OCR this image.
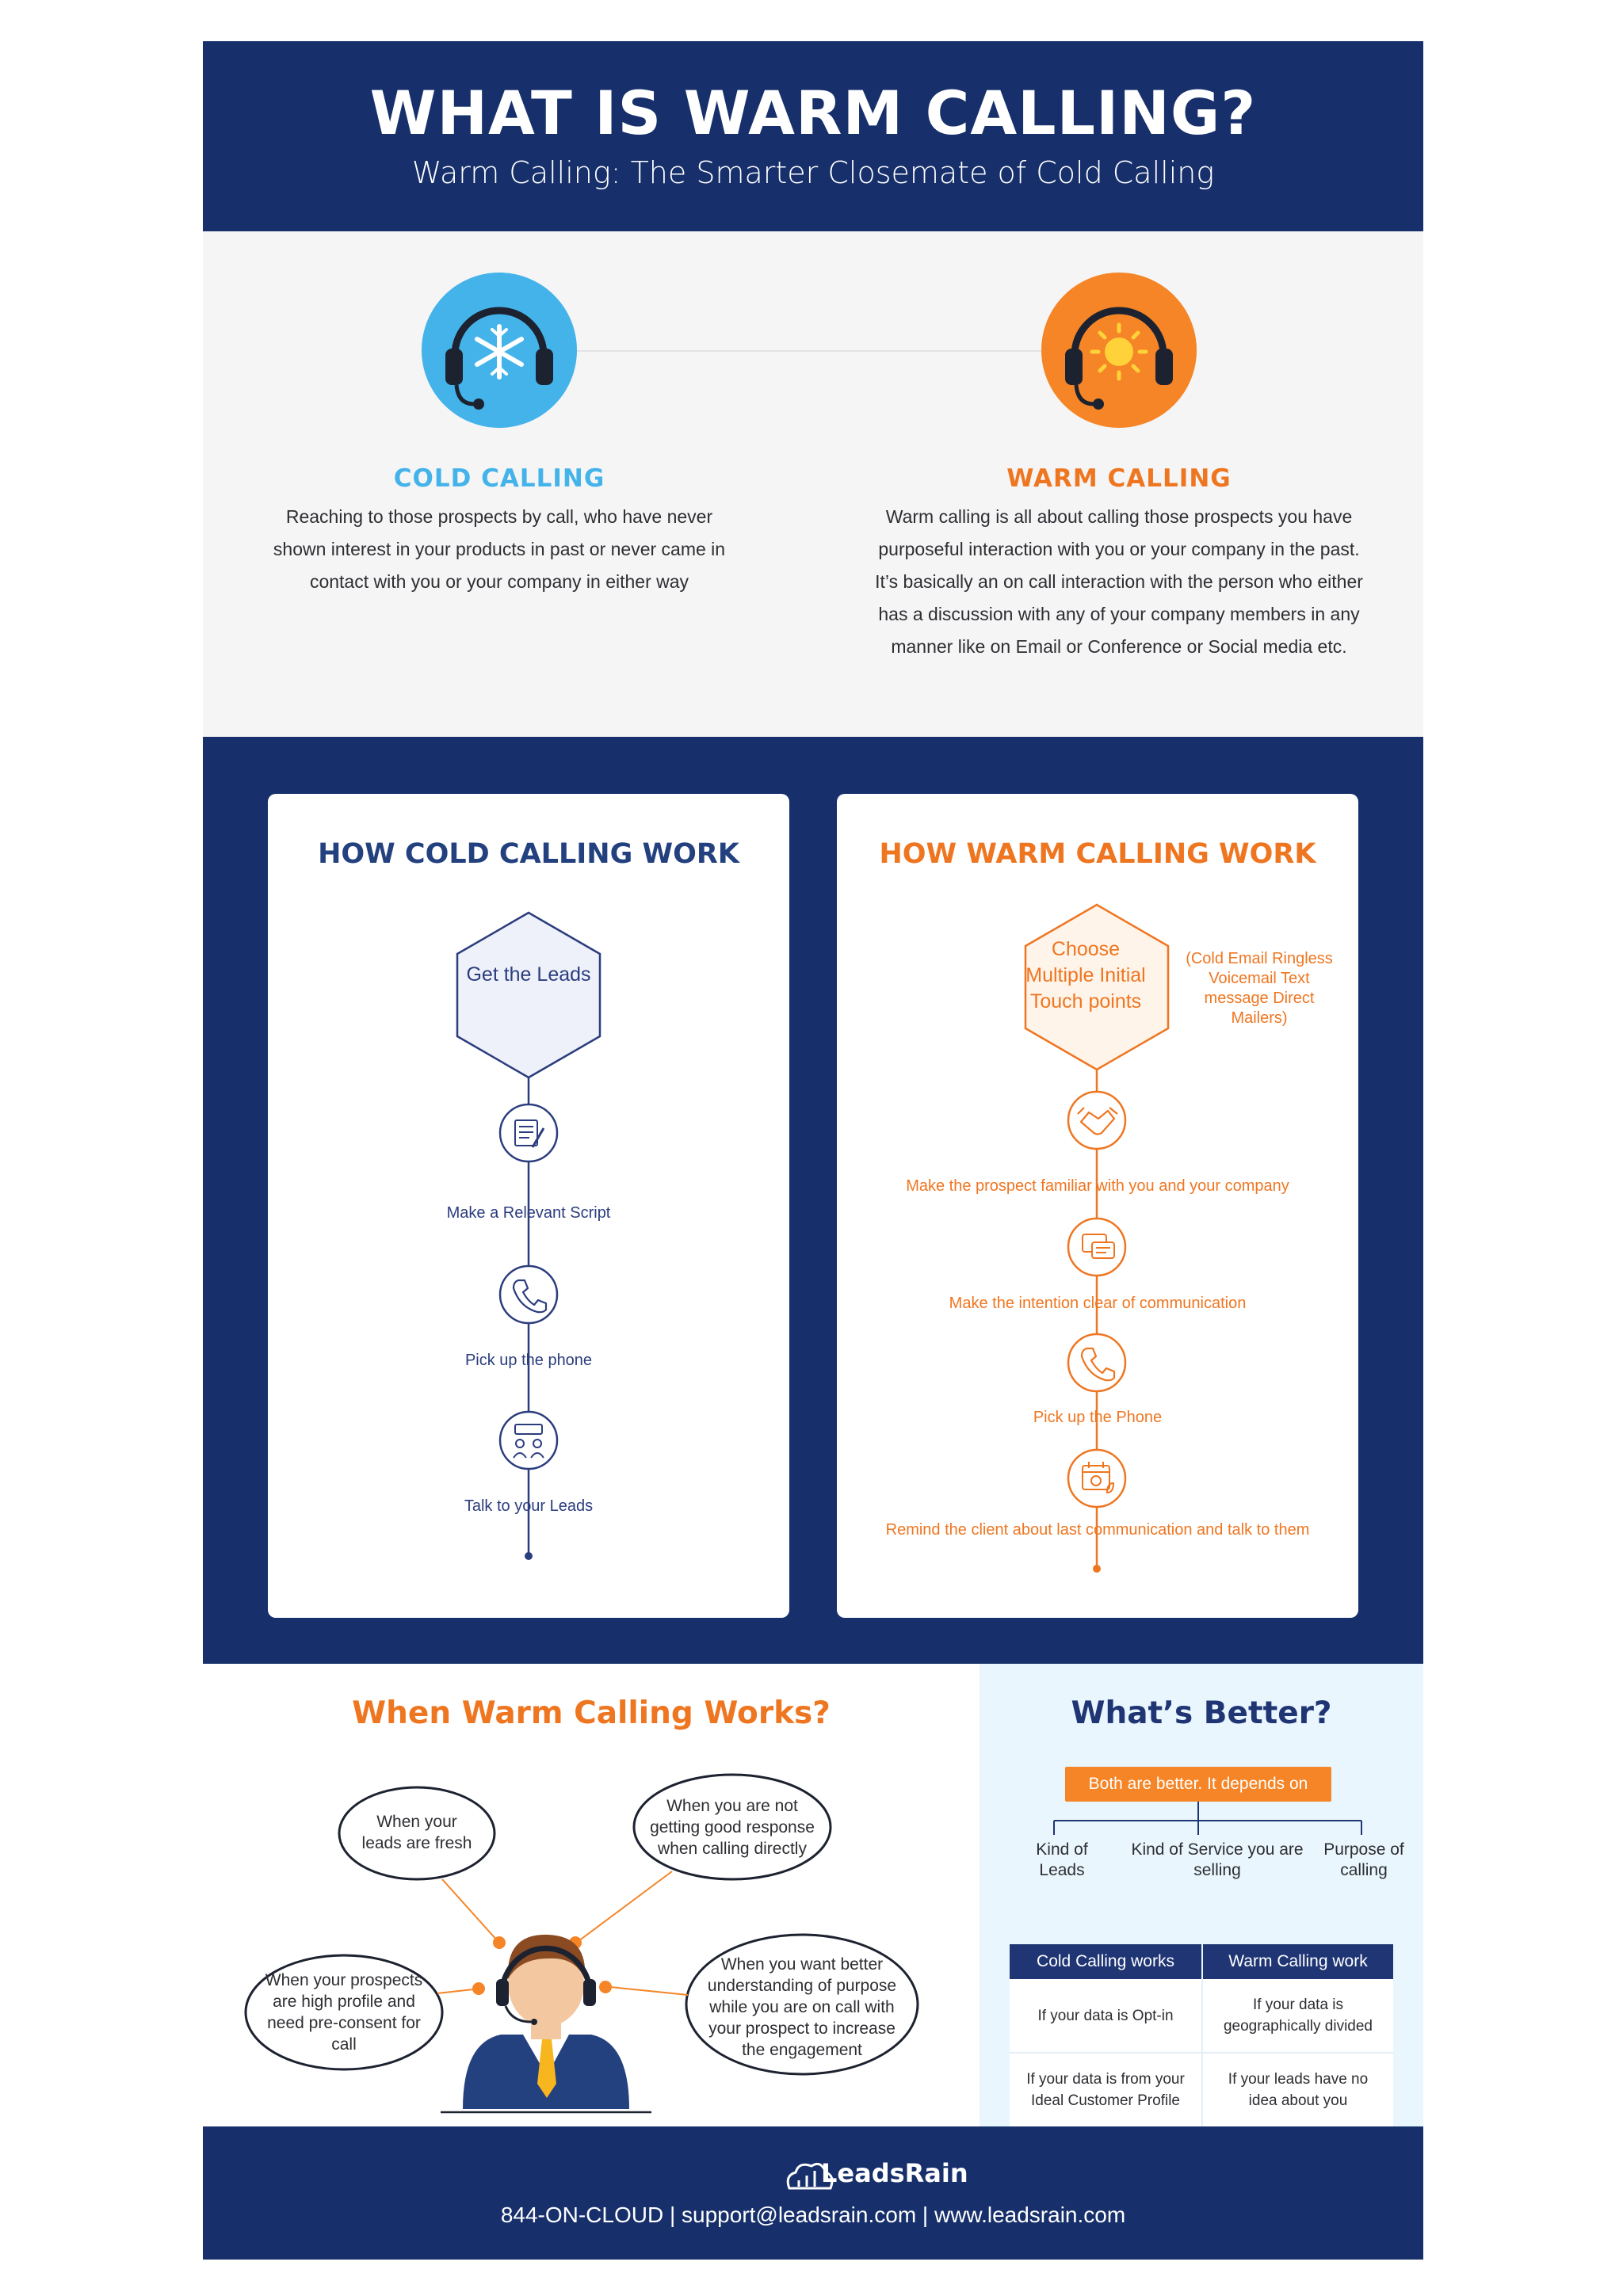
WHAT IS WARM CALLING?
Warm Calling: The Smarter Closemate of Cold Calling
COLD CALLING
Reaching to those prospects by call, who have never shown interest in your products in past or never came in contact with you or your company in either way
WARM CALLING
Warm calling is all about calling those prospects you have purposeful interaction with you or your company in the past. It’s basically an on call interaction with the person who either has a discussion with any of your company members in any manner like on Email or Conference or Social media etc.
HOW COLD CALLING WORK
Get the Leads
Make a Relevant Script
Pick up the phone
Talk to your Leads
HOW WARM CALLING WORK
Choose Multiple Initial Touch points
(Cold Email Ringless Voicemail Text message Direct Mailers)
Make the prospect familiar with you and your company
Make the intention clear of communication
Pick up the Phone
Remind the client about last communication and talk to them
When Warm Calling Works?
When your leads are fresh
When you are not getting good response when calling directly
When your prospects are high profile and need pre-consent for call
When you want better understanding of purpose while you are on call with your prospect to increase the engagement
What’s Better?
Both are better. It depends on
Kind of Leads
Kind of Service you are selling
Purpose of calling
Cold Calling works	Warm Calling work
If your data is Opt-in
If your data is geographically divided
If your data is from your Ideal Customer Profile
If your leads have no idea about you
LeadsRain
844-ON-CLOUD | support@leadsrain.com | www.leadsrain.com
